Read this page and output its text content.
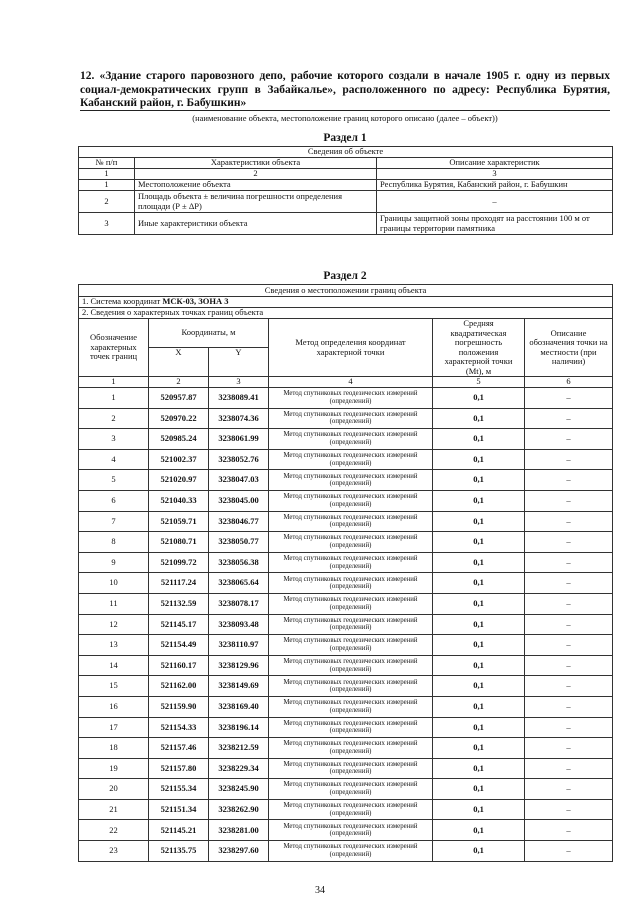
12. «Здание старого паровозного депо, рабочие которого создали в начале 1905 г. одну из первых социал-демократических групп в Забайкалье», расположенного по адресу: Республика Бурятия, Кабанский район, г. Бабушкин»
(наименование объекта, местоположение границ которого описано (далее – объект))
Раздел 1
Сведения об объекте		
№ п/п	Характеристики объекта	Описание характеристик
1	2	3
1	Местоположение объекта	Республика Бурятия, Кабанский район, г. Бабушкин
2	Площадь объекта ± величина погрешности определения площади (Р ± ΔР)	–
3	Иные характеристики объекта	Границы защитной зоны проходят на расстоянии 100 м от границы территории памятника
Раздел 2
Сведения о местоположении границ объекта					
1. Система координат МСК-03, ЗОНА 3					
2. Сведения о характерных точках границ объекта					
Обозначение характерных точек границ	Координаты, м		Метод определения координат характерной точки	Средняя квадратическая погрешность положения характерной точки (Мt), м	Описание обозначения точки на местности (при наличии)
	X	Y			
1	2	3	4	5	6
1	520957.87	3238089.41	Метод спутниковых геодезических измерений (определений)	0,1	–
2	520970.22	3238074.36	Метод спутниковых геодезических измерений (определений)	0,1	–
3	520985.24	3238061.99	Метод спутниковых геодезических измерений (определений)	0,1	–
4	521002.37	3238052.76	Метод спутниковых геодезических измерений (определений)	0,1	–
5	521020.97	3238047.03	Метод спутниковых геодезических измерений (определений)	0,1	–
6	521040.33	3238045.00	Метод спутниковых геодезических измерений (определений)	0,1	–
7	521059.71	3238046.77	Метод спутниковых геодезических измерений (определений)	0,1	–
8	521080.71	3238050.77	Метод спутниковых геодезических измерений (определений)	0,1	–
9	521099.72	3238056.38	Метод спутниковых геодезических измерений (определений)	0,1	–
10	521117.24	3238065.64	Метод спутниковых геодезических измерений (определений)	0,1	–
11	521132.59	3238078.17	Метод спутниковых геодезических измерений (определений)	0,1	–
12	521145.17	3238093.48	Метод спутниковых геодезических измерений (определений)	0,1	–
13	521154.49	3238110.97	Метод спутниковых геодезических измерений (определений)	0,1	–
14	521160.17	3238129.96	Метод спутниковых геодезических измерений (определений)	0,1	–
15	521162.00	3238149.69	Метод спутниковых геодезических измерений (определений)	0,1	–
16	521159.90	3238169.40	Метод спутниковых геодезических измерений (определений)	0,1	–
17	521154.33	3238196.14	Метод спутниковых геодезических измерений (определений)	0,1	–
18	521157.46	3238212.59	Метод спутниковых геодезических измерений (определений)	0,1	–
19	521157.80	3238229.34	Метод спутниковых геодезических измерений (определений)	0,1	–
20	521155.34	3238245.90	Метод спутниковых геодезических измерений (определений)	0,1	–
21	521151.34	3238262.90	Метод спутниковых геодезических измерений (определений)	0,1	–
22	521145.21	3238281.00	Метод спутниковых геодезических измерений (определений)	0,1	–
23	521135.75	3238297.60	Метод спутниковых геодезических измерений (определений)	0,1	–
34
